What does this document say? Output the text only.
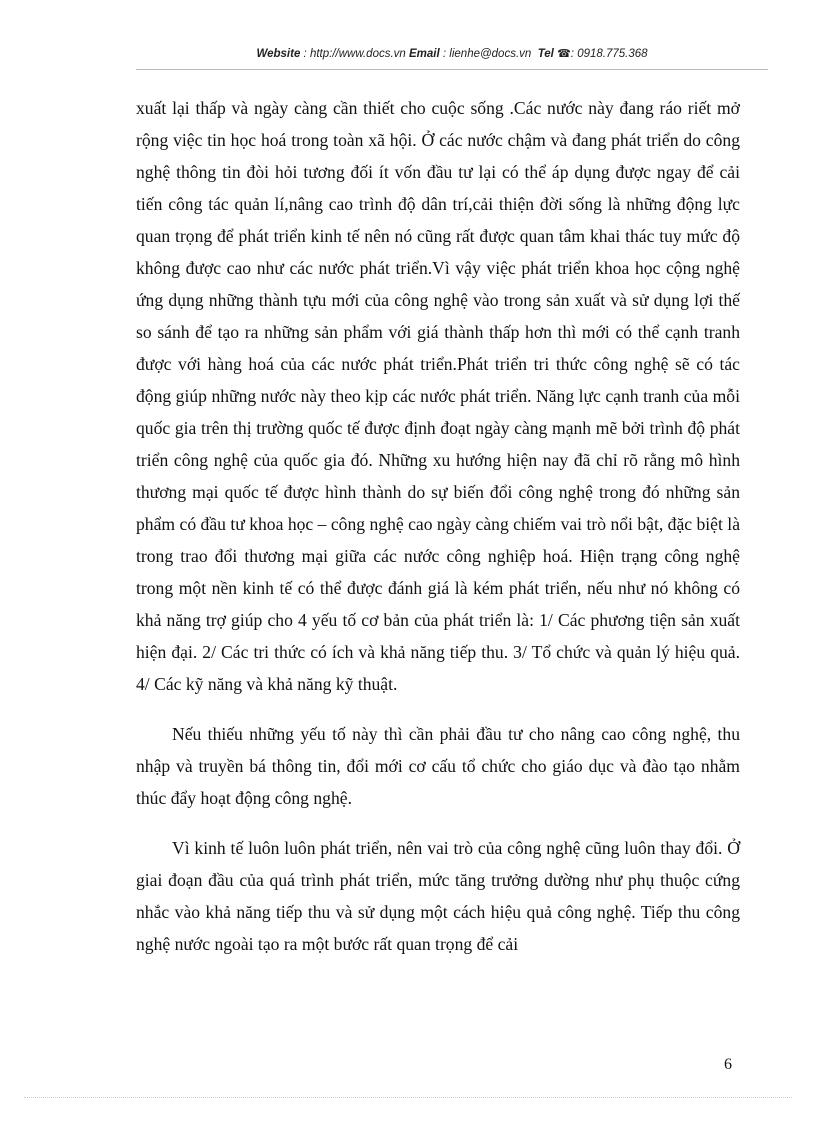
Website : http://www.docs.vn Email : lienhe@docs.vn Tel ☎: 0918.775.368

xuất lại thấp và ngày càng cần thiết cho cuộc sống .Các nước này đang ráo riết mở rộng việc tin học hoá trong toàn xã hội. Ở các nước chậm và đang phát triển do công nghệ thông tin đòi hỏi tương đối ít vốn đầu tư lại có thể áp dụng được ngay để cải tiến công tác quản lí,nâng cao trình độ dân trí,cải thiện đời sống là những động lực quan trọng để phát triển kinh tế nên nó cũng rất được quan tâm khai thác tuy mức độ không được cao như các nước phát triển.Vì vậy việc phát triển khoa học cộng nghệ ứng dụng những thành tựu mới của công nghệ vào trong sản xuất và sử dụng lợi thế so sánh để tạo ra những sản phẩm với giá thành thấp hơn thì mới có thể cạnh tranh được với hàng hoá của các nước phát triển.Phát triển tri thức công nghệ sẽ có tác động giúp những nước này theo kịp các nước phát triển. Năng lực cạnh tranh của mỗi quốc gia trên thị trường quốc tế được định đoạt ngày càng mạnh mẽ bởi trình độ phát triển công nghệ của quốc gia đó. Những xu hướng hiện nay đã chỉ rõ rằng mô hình thương mại quốc tế được hình thành do sự biến đổi công nghệ trong đó những sản phẩm có đầu tư khoa học – công nghệ cao ngày càng chiếm vai trò nổi bật, đặc biệt là trong trao đổi thương mại giữa các nước công nghiệp hoá. Hiện trạng công nghệ trong một nền kinh tế có thể được đánh giá là kém phát triển, nếu như nó không có khả năng trợ giúp cho 4 yếu tố cơ bản của phát triển là: 1/ Các phương tiện sản xuất hiện đại. 2/ Các tri thức có ích và khả năng tiếp thu. 3/ Tổ chức và quản lý hiệu quả. 4/ Các kỹ năng và khả năng kỹ thuật.

Nếu thiếu những yếu tố này thì cần phải đầu tư cho nâng cao công nghệ, thu nhập và truyền bá thông tin, đổi mới cơ cấu tổ chức cho giáo dục và đào tạo nhằm thúc đẩy hoạt động công nghệ.

Vì kinh tế luôn luôn phát triển, nên vai trò của công nghệ cũng luôn thay đổi. Ở giai đoạn đầu của quá trình phát triển, mức tăng trưởng dường như phụ thuộc cứng nhắc vào khả năng tiếp thu và sử dụng một cách hiệu quả công nghệ. Tiếp thu công nghệ nước ngoài tạo ra một bước rất quan trọng để cải

6
